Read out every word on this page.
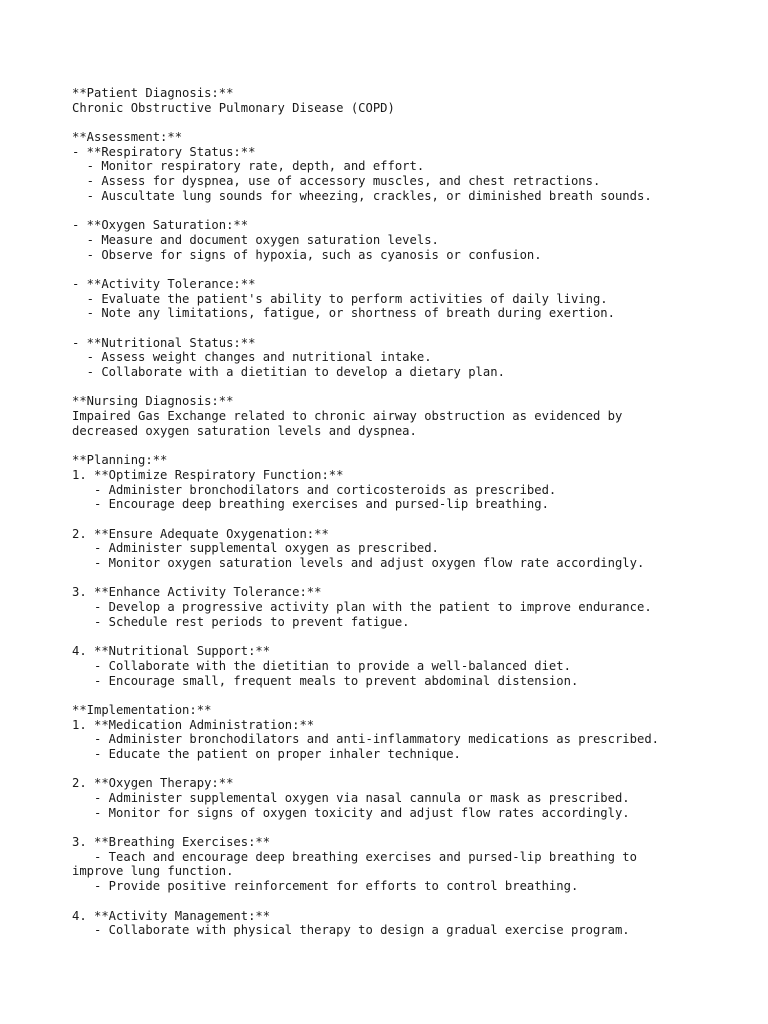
**Patient Diagnosis:**
Chronic Obstructive Pulmonary Disease (COPD)
**Assessment:**
- **Respiratory Status:**
- Monitor respiratory rate, depth, and effort.
- Assess for dyspnea, use of accessory muscles, and chest retractions.
- Auscultate lung sounds for wheezing, crackles, or diminished breath sounds.
- **Oxygen Saturation:**
- Measure and document oxygen saturation levels.
- Observe for signs of hypoxia, such as cyanosis or confusion.
- **Activity Tolerance:**
- Evaluate the patient's ability to perform activities of daily living.
- Note any limitations, fatigue, or shortness of breath during exertion.
- **Nutritional Status:**
- Assess weight changes and nutritional intake.
- Collaborate with a dietitian to develop a dietary plan.
**Nursing Diagnosis:**
Impaired Gas Exchange related to chronic airway obstruction as evidenced by
decreased oxygen saturation levels and dyspnea.
**Planning:**
1. **Optimize Respiratory Function:**
- Administer bronchodilators and corticosteroids as prescribed.
- Encourage deep breathing exercises and pursed-lip breathing.
2. **Ensure Adequate Oxygenation:**
- Administer supplemental oxygen as prescribed.
- Monitor oxygen saturation levels and adjust oxygen flow rate accordingly.
3. **Enhance Activity Tolerance:**
- Develop a progressive activity plan with the patient to improve endurance.
- Schedule rest periods to prevent fatigue.
4. **Nutritional Support:**
- Collaborate with the dietitian to provide a well-balanced diet.
- Encourage small, frequent meals to prevent abdominal distension.
**Implementation:**
1. **Medication Administration:**
- Administer bronchodilators and anti-inflammatory medications as prescribed.
- Educate the patient on proper inhaler technique.
2. **Oxygen Therapy:**
- Administer supplemental oxygen via nasal cannula or mask as prescribed.
- Monitor for signs of oxygen toxicity and adjust flow rates accordingly.
3. **Breathing Exercises:**
- Teach and encourage deep breathing exercises and pursed-lip breathing to
improve lung function.
- Provide positive reinforcement for efforts to control breathing.
4. **Activity Management:**
- Collaborate with physical therapy to design a gradual exercise program.
